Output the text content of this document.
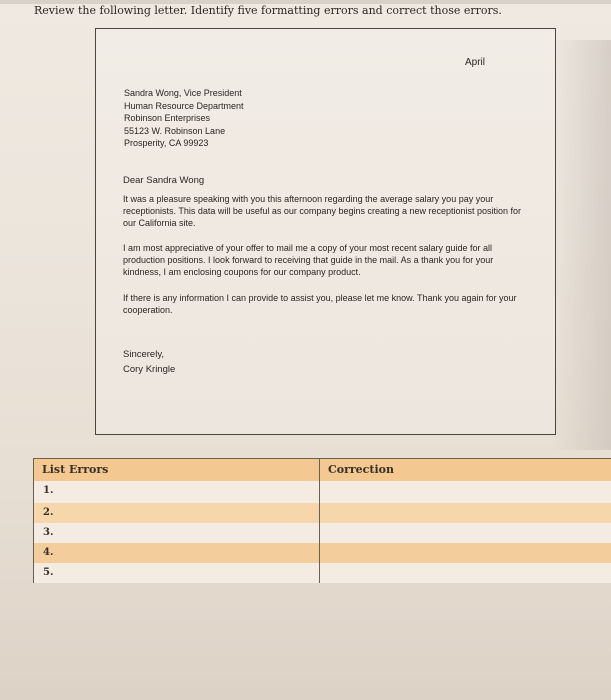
Review the following letter. Identify five formatting errors and correct those errors.
April
Sandra Wong, Vice President
Human Resource Department
Robinson Enterprises
55123 W. Robinson Lane
Prosperity, CA 99923
Dear Sandra Wong
It was a pleasure speaking with you this afternoon regarding the average salary you pay your receptionists. This data will be useful as our company begins creating a new receptionist position for our California site.
I am most appreciative of your offer to mail me a copy of your most recent salary guide for all production positions. I look forward to receiving that guide in the mail. As a thank you for your kindness, I am enclosing coupons for our company product.
If there is any information I can provide to assist you, please let me know. Thank you again for your cooperation.
Sincerely,
Cory Kringle
List Errors	Correction
1.
2.
3.
4.
5.
